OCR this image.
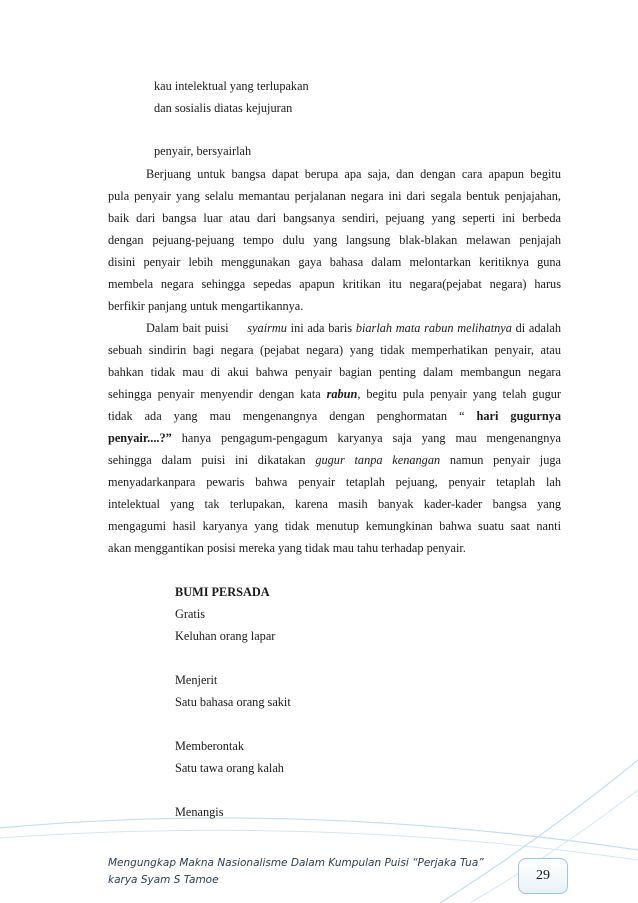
kau intelektual yang terlupakan
dan sosialis diatas kejujuran
penyair, bersyairlah
Berjuang untuk bangsa dapat berupa apa saja, dan dengan cara apapun begitu
pula penyair yang selalu memantau perjalanan negara ini dari segala bentuk penjajahan,
baik dari bangsa luar atau dari bangsanya sendiri, pejuang yang seperti ini berbeda
dengan pejuang-pejuang tempo dulu yang langsung blak-blakan melawan penjajah
disini penyair lebih menggunakan gaya bahasa dalam melontarkan keritiknya guna
membela negara sehingga sepedas apapun kritikan itu negara(pejabat negara) harus
berfikir panjang untuk mengartikannya.
Dalam bait puisi syairmu ini ada baris biarlah mata rabun melihatnya di adalah
sebuah sindirin bagi negara (pejabat negara) yang tidak memperhatikan penyair, atau
bahkan tidak mau di akui bahwa penyair bagian penting dalam membangun negara
sehingga penyair menyendir dengan kata rabun, begitu pula penyair yang telah gugur
tidak ada yang mau mengenangnya dengan penghormatan “ hari gugurnya
penyair....?” hanya pengagum-pengagum karyanya saja yang mau mengenangnya
sehingga dalam puisi ini dikatakan gugur tanpa kenangan namun penyair juga
menyadarkanpara pewaris bahwa penyair tetaplah pejuang, penyair tetaplah lah
intelektual yang tak terlupakan, karena masih banyak kader-kader bangsa yang
mengagumi hasil karyanya yang tidak menutup kemungkinan bahwa suatu saat nanti
akan menggantikan posisi mereka yang tidak mau tahu terhadap penyair.
BUMI PERSADA
Gratis
Keluhan orang lapar
Menjerit
Satu bahasa orang sakit
Memberontak
Satu tawa orang kalah
Menangis
Mengungkap Makna Nasionalisme Dalam Kumpulan Puisi “Perjaka Tua”
karya Syam S Tamoe	29
